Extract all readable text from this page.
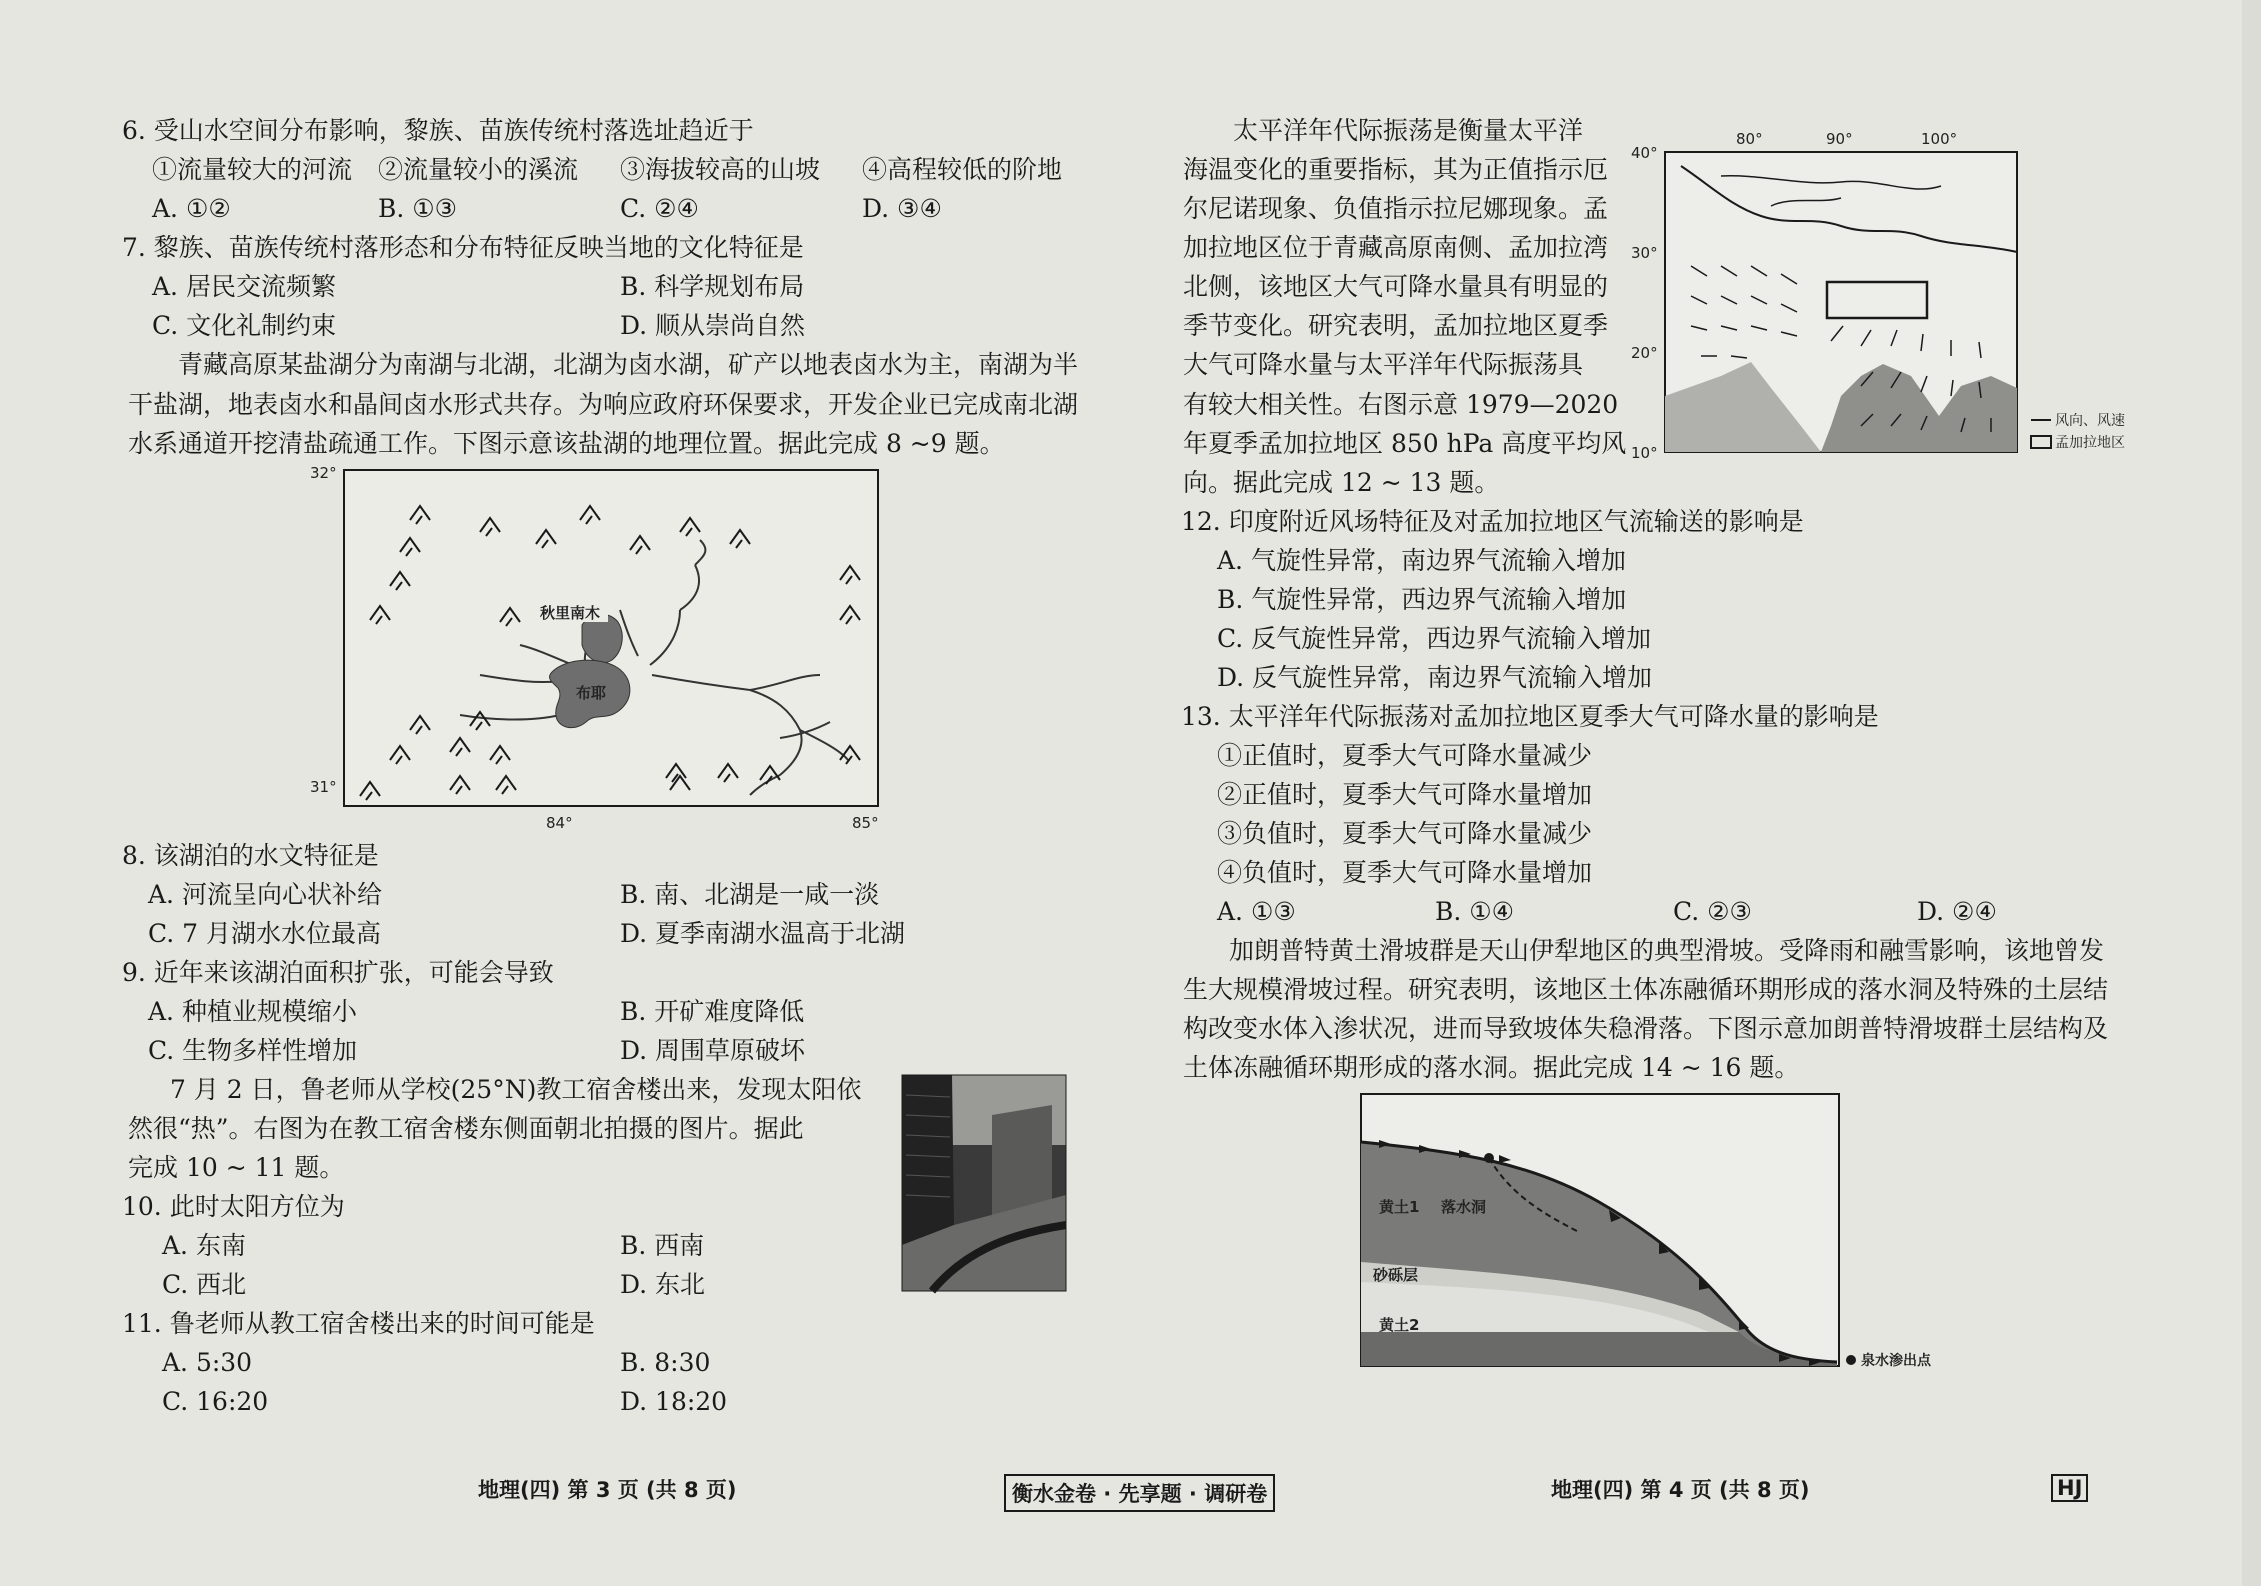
6. 受山水空间分布影响，黎族、苗族传统村落选址趋近于
①流量较大的河流 ②流量较小的溪流 ③海拔较高的山坡 ④高程较低的阶地
A. ①②	B. ①③	C. ②④	D. ③④
7. 黎族、苗族传统村落形态和分布特征反映当地的文化特征是
A. 居民交流频繁	B. 科学规划布局
C. 文化礼制约束	D. 顺从崇尚自然
青藏高原某盐湖分为南湖与北湖，北湖为卤水湖，矿产以地表卤水为主，南湖为半
干盐湖，地表卤水和晶间卤水形式共存。为响应政府环保要求，开发企业已完成南北湖
水系通道开挖清盐疏通工作。下图示意该盐湖的地理位置。据此完成 8 ~9 题。
32°
31°
84°	85°
秋里南木
布耶
8. 该湖泊的水文特征是
A. 河流呈向心状补给	B. 南、北湖是一咸一淡
C. 7 月湖水水位最高	D. 夏季南湖水温高于北湖
9. 近年来该湖泊面积扩张，可能会导致
A. 种植业规模缩小	B. 开矿难度降低
C. 生物多样性增加	D. 周围草原破坏
7 月 2 日，鲁老师从学校(25°N)教工宿舍楼出来，发现太阳依
然很“热”。右图为在教工宿舍楼东侧面朝北拍摄的图片。据此
完成 10 ~ 11 题。
10. 此时太阳方位为
A. 东南	B. 西南
C. 西北	D. 东北
11. 鲁老师从教工宿舍楼出来的时间可能是
A. 5:30	B. 8:30
C. 16:20	D. 18:20
地理(四) 第 3 页 (共 8 页)	衡水金卷 · 先享题 · 调研卷
太平洋年代际振荡是衡量太平洋
海温变化的重要指标，其为正值指示厄
尔尼诺现象、负值指示拉尼娜现象。孟
加拉地区位于青藏高原南侧、孟加拉湾
北侧，该地区大气可降水量具有明显的
季节变化。研究表明，孟加拉地区夏季
大气可降水量与太平洋年代际振荡具
有较大相关性。右图示意 1979—2020
年夏季孟加拉地区 850 hPa 高度平均风
向。据此完成 12 ~ 13 题。
80°	90°	100°
40°
30°
20°
10°
风向、风速
孟加拉地区
12. 印度附近风场特征及对孟加拉地区气流输送的影响是
A. 气旋性异常，南边界气流输入增加
B. 气旋性异常，西边界气流输入增加
C. 反气旋性异常，西边界气流输入增加
D. 反气旋性异常，南边界气流输入增加
13. 太平洋年代际振荡对孟加拉地区夏季大气可降水量的影响是
①正值时，夏季大气可降水量减少
②正值时，夏季大气可降水量增加
③负值时，夏季大气可降水量减少
④负值时，夏季大气可降水量增加
A. ①③	B. ①④	C. ②③	D. ②④
加朗普特黄土滑坡群是天山伊犁地区的典型滑坡。受降雨和融雪影响，该地曾发
生大规模滑坡过程。研究表明，该地区土体冻融循环期形成的落水洞及特殊的土层结
构改变水体入渗状况，进而导致坡体失稳滑落。下图示意加朗普特滑坡群土层结构及
土体冻融循环期形成的落水洞。据此完成 14 ~ 16 题。
黄土1 落水洞
砂砾层
黄土2
泉水渗出点
地理(四) 第 4 页 (共 8 页)	HJ
